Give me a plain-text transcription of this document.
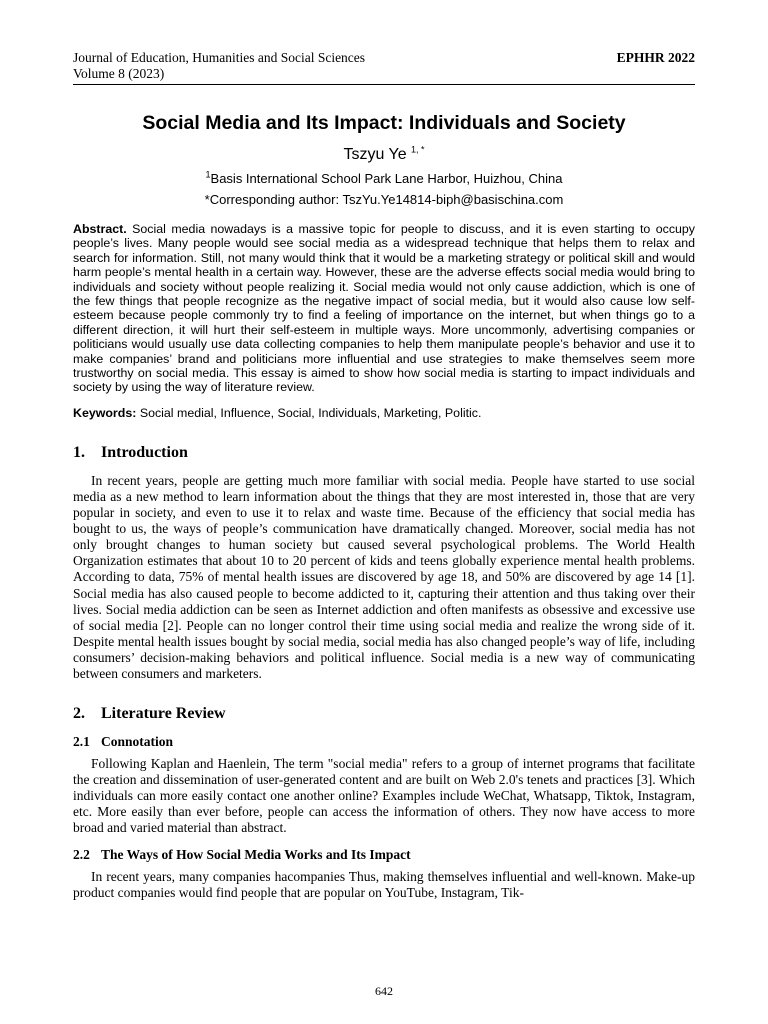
Journal of Education, Humanities and Social Sciences	EPHHR 2022
Volume 8 (2023)
Social Media and Its Impact: Individuals and Society
Tszyu Ye $^{1, *}$
$^1$Basis International School Park Lane Harbor, Huizhou, China
*Corresponding author: TszYu.Ye14814-biph@basischina.com
Abstract. Social media nowadays is a massive topic for people to discuss, and it is even starting to occupy people’s lives. Many people would see social media as a widespread technique that helps them to relax and search for information. Still, not many would think that it would be a marketing strategy or political skill and would harm people’s mental health in a certain way. However, these are the adverse effects social media would bring to individuals and society without people realizing it. Social media would not only cause addiction, which is one of the few things that people recognize as the negative impact of social media, but it would also cause low self-esteem because people commonly try to find a feeling of importance on the internet, but when things go to a different direction, it will hurt their self-esteem in multiple ways. More uncommonly, advertising companies or politicians would usually use data collecting companies to help them manipulate people’s behavior and use it to make companies’ brand and politicians more influential and use strategies to make themselves seem more trustworthy on social media. This essay is aimed to show how social media is starting to impact individuals and society by using the way of literature review.
Keywords: Social medial, Influence, Social, Individuals, Marketing, Politic.
1. Introduction

In recent years, people are getting much more familiar with social media. People have started to use social media as a new method to learn information about the things that they are most interested in, those that are very popular in society, and even to use it to relax and waste time. Because of the efficiency that social media has bought to us, the ways of people’s communication have dramatically changed. Moreover, social media has not only brought changes to human society but caused several psychological problems. The World Health Organization estimates that about 10 to 20 percent of kids and teens globally experience mental health problems. According to data, 75% of mental health issues are discovered by age 18, and 50% are discovered by age 14 [1]. Social media has also caused people to become addicted to it, capturing their attention and thus taking over their lives. Social media addiction can be seen as Internet addiction and often manifests as obsessive and excessive use of social media [2]. People can no longer control their time using social media and realize the wrong side of it. Despite mental health issues bought by social media, social media has also changed people’s way of life, including consumers’ decision-making behaviors and political influence. Social media is a new way of communicating between consumers and marketers.

2. Literature Review
2.1 Connotation

Following Kaplan and Haenlein, The term "social media" refers to a group of internet programs that facilitate the creation and dissemination of user-generated content and are built on Web 2.0's tenets and practices [3]. Which individuals can more easily contact one another online? Examples include WeChat, Whatsapp, Tiktok, Instagram, etc. More easily than ever before, people can access the information of others. They now have access to more broad and varied material than abstract.

2.2 The Ways of How Social Media Works and Its Impact

In recent years, many companies hacompanies Thus, making themselves influential and well-known. Make-up product companies would find people that are popular on YouTube, Instagram, Tik-

642
